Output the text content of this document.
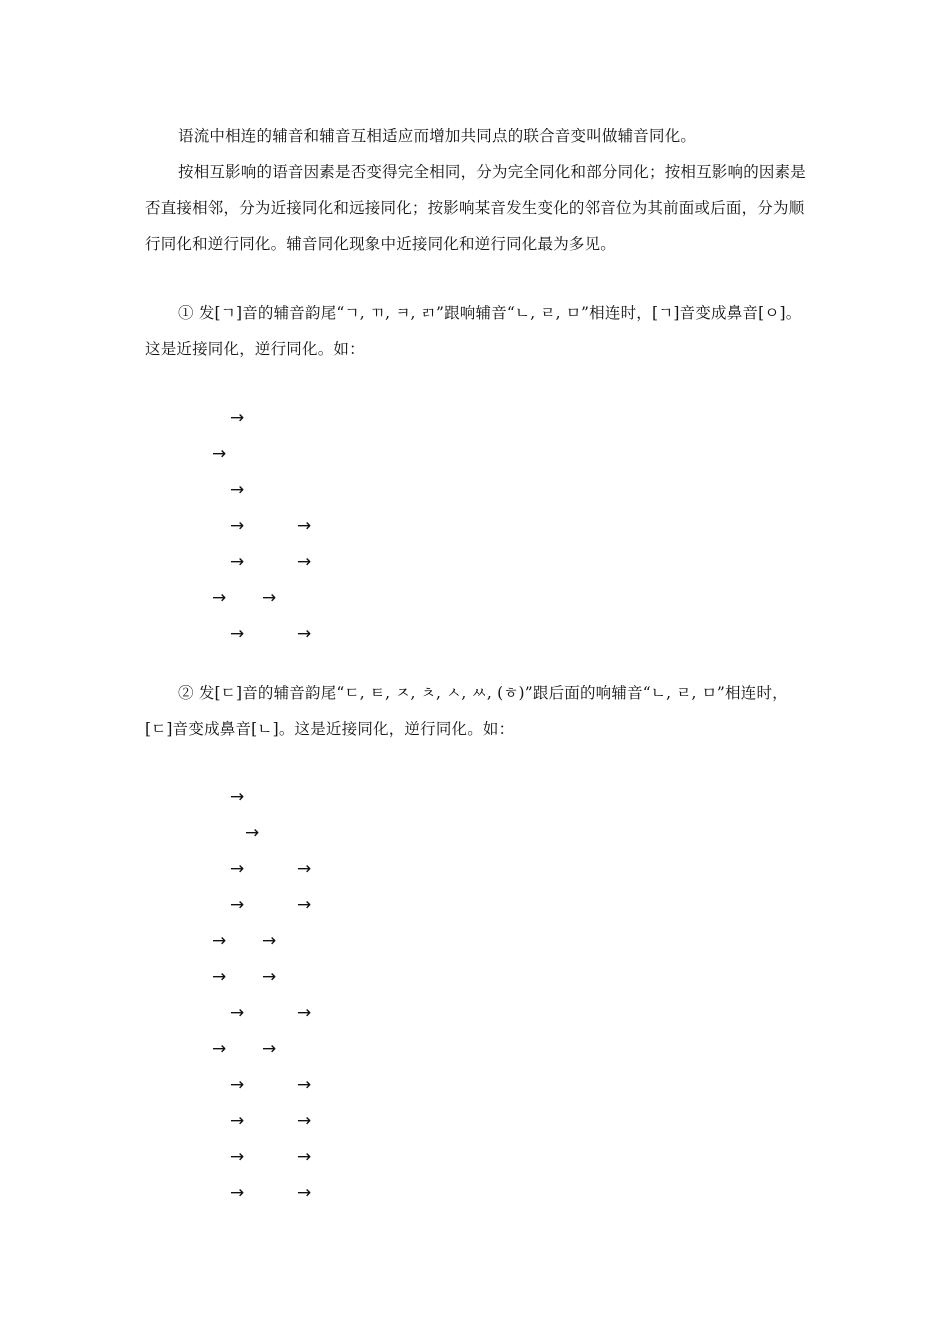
语流中相连的辅音和辅音互相适应而增加共同点的联合音变叫做辅音同化。

按相互影响的语音因素是否变得完全相同，分为完全同化和部分同化；按相互影响的因素是否直接相邻，分为近接同化和远接同化；按影响某音发生变化的邻音位为其前面或后面，分为顺行同化和逆行同化。辅音同化现象中近接同化和逆行同化最为多见。

① 发[ㄱ]音的辅音韵尾“ㄱ, ㄲ, ㅋ, ㄺ”跟响辅音“ㄴ, ㄹ, ㅁ”相连时，[ㄱ]音变成鼻音[ㅇ]。这是近接同化，逆行同化。如：

→
→
→
→	→
→	→
→ →
→	→

② 发[ㄷ]音的辅音韵尾“ㄷ, ㅌ, ㅈ, ㅊ, ㅅ, ㅆ, (ㅎ)”跟后面的响辅音“ㄴ, ㄹ, ㅁ”相连时，[ㄷ]音变成鼻音[ㄴ]。这是近接同化，逆行同化。如：

→
→
→	→
→	→
→ →
→ →
→	→
→ →
→	→
→	→
→	→
→	→
